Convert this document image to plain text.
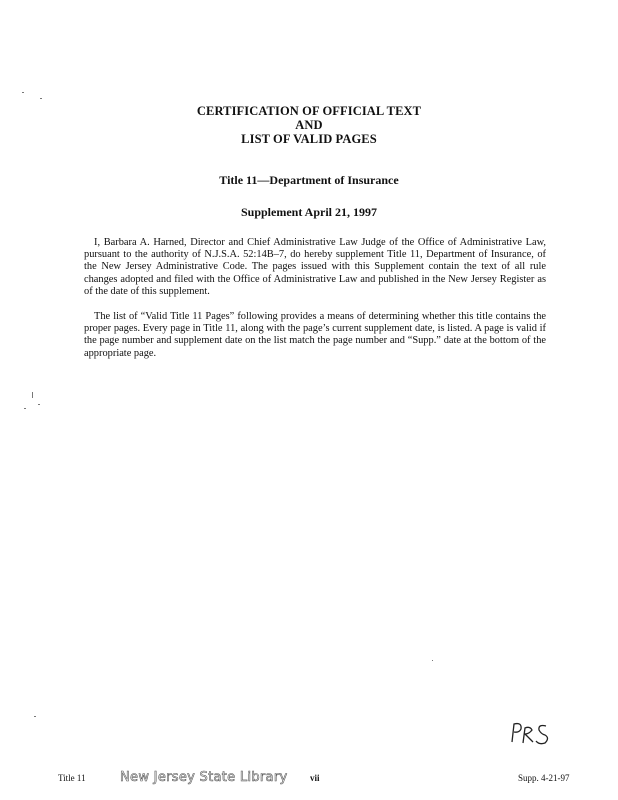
CERTIFICATION OF OFFICIAL TEXT
AND
LIST OF VALID PAGES
Title 11—Department of Insurance
Supplement April 21, 1997

I, Barbara A. Harned, Director and Chief Administrative Law Judge of the Office of Administrative Law, pursuant to the authority of N.J.S.A. 52:14B–7, do hereby supplement Title 11, Department of Insurance, of the New Jersey Administrative Code. The pages issued with this Supplement contain the text of all rule changes adopted and filed with the Office of Administrative Law and published in the New Jersey Register as of the date of this supplement.

The list of “Valid Title 11 Pages” following provides a means of determining whether this title contains the proper pages. Every page in Title 11, along with the page’s current supplement date, is listed. A page is valid if the page number and supplement date on the list match the page number and “Supp.” date at the bottom of the appropriate page.

Title 11	New Jersey State Library	vii	Supp. 4-21-97
